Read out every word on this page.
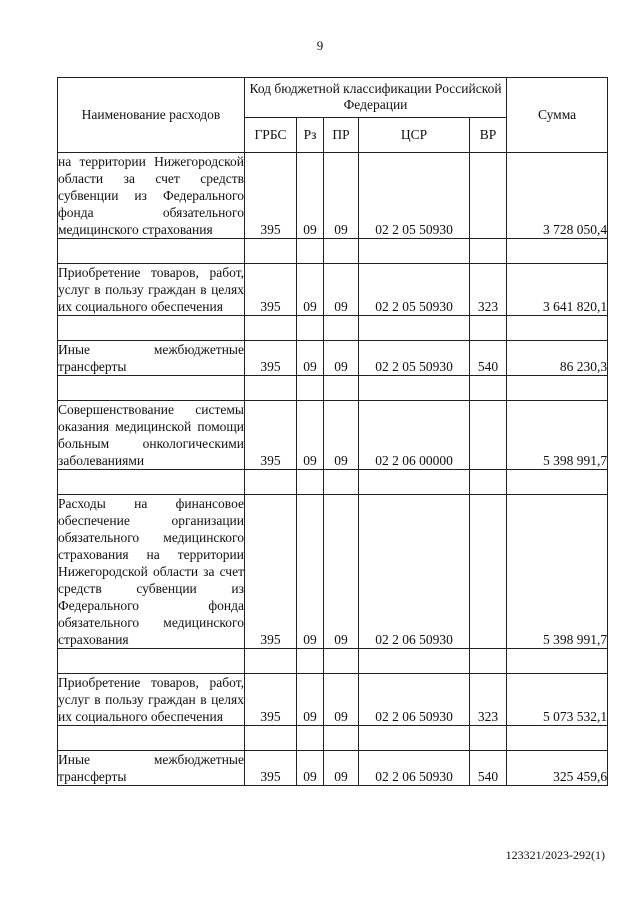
9
Наименование расходов	Код бюджетной классификации Российской Федерации					Сумма
	ГРБС	Рз	ПР	ЦСР	ВР	
на территории Нижегородской области за счет средств субвенции из Федерального фонда обязательного медицинского страхования	395	09	09	02 2 05 50930		3 728 050,4

Приобретение товаров, работ, услуг в пользу граждан в целях их социального обеспечения	395	09	09	02 2 05 50930	323	3 641 820,1

Иные межбюджетные трансферты	395	09	09	02 2 05 50930	540	86 230,3

Совершенствование системы оказания медицинской помощи больным онкологическими заболеваниями	395	09	09	02 2 06 00000		5 398 991,7

Расходы на финансовое обеспечение организации обязательного медицинского страхования на территории Нижегородской области за счет средств субвенции из Федерального фонда обязательного медицинского страхования	395	09	09	02 2 06 50930		5 398 991,7

Приобретение товаров, работ, услуг в пользу граждан в целях их социального обеспечения	395	09	09	02 2 06 50930	323	5 073 532,1

Иные межбюджетные трансферты	395	09	09	02 2 06 50930	540	325 459,6
123321/2023-292(1)
